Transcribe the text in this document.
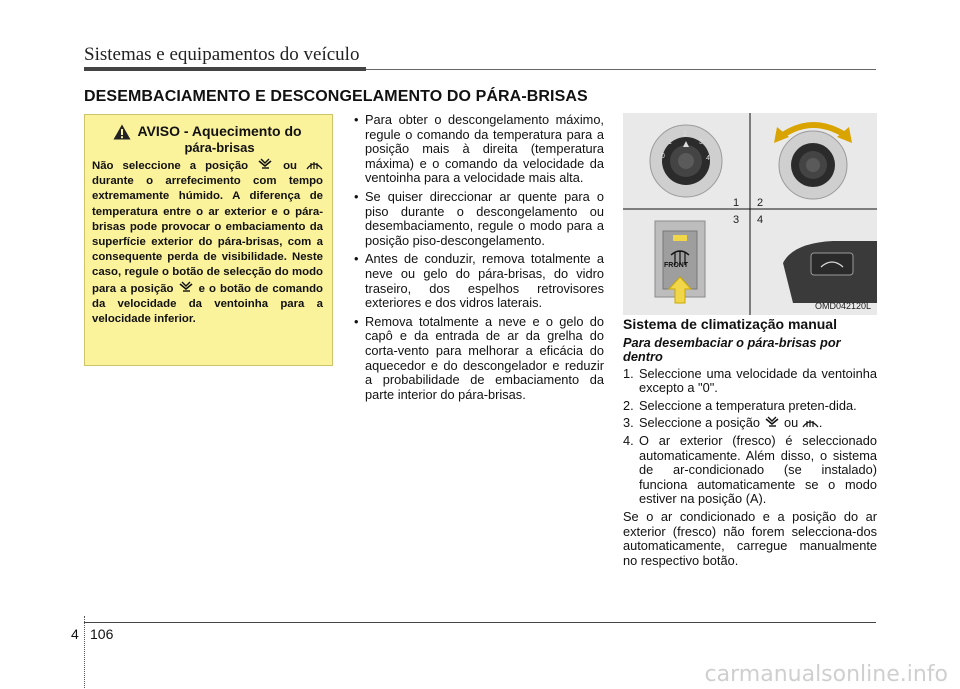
Sistemas e equipamentos do veículo
DESEMBACIAMENTO E DESCONGELAMENTO DO PÁRA-BRISAS
AVISO - Aquecimento do
pára-brisas
Não seleccione a posição  ou  durante o arrefecimento com tempo extremamente húmido. A diferença de temperatura entre o ar exterior e o pára-brisas pode provocar o embaciamento da superfície exterior do pára-brisas, com a consequente perda de visibilidade. Neste caso, regule o botão de selecção do modo para a posição  e o botão de comando da velocidade da ventoinha para a velocidade inferior.
• Para obter o descongelamento máximo, regule o comando da temperatura para a posição mais à direita (temperatura máxima) e o comando da velocidade da ventoinha para a velocidade mais alta.
• Se quiser direccionar ar quente para o piso durante o descongelamento ou desembaciamento, regule o modo para a posição piso-descongelamento.
• Antes de conduzir, remova totalmente a neve ou gelo do pára-brisas, do vidro traseiro, dos espelhos retrovisores exteriores e dos vidros laterais.
• Remova totalmente a neve e o gelo do capô e da entrada de ar da grelha do corta-vento para melhorar a eficácia do aquecedor e do descongelador e reduzir a probabilidade de embaciamento da parte interior do pára-brisas.
0
1
2
3
4
1 2
3 4
FRONT
OMD042120L
Sistema de climatização manual
Para desembaciar o pára-brisas por dentro
1. Seleccione uma velocidade da ventoinha excepto a "0".
2. Seleccione a temperatura preten-dida.
3. Seleccione a posição  ou .
4. O ar exterior (fresco) é seleccionado automaticamente. Além disso, o sistema de ar-condicionado (se instalado) funciona automaticamente se o modo estiver na posição (A).

Se o ar condicionado e a posição do ar exterior (fresco) não forem selecciona-dos automaticamente, carregue manualmente no respectivo botão.

4 106
carmanualsonline.info
